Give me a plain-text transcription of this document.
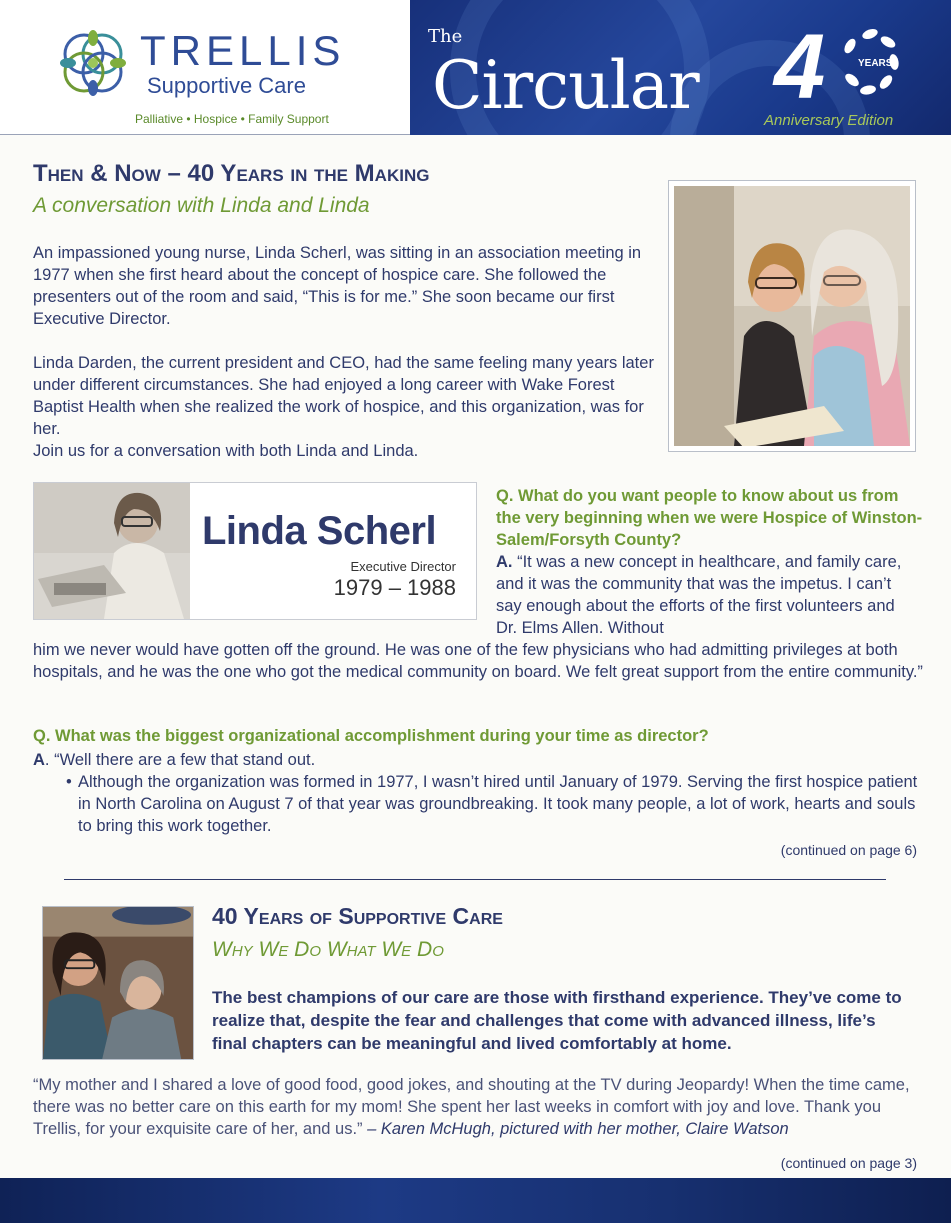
TRELLIS
Supportive Care
Palliative • Hospice • Family Support
The
Circular 4	YEARS
Anniversary Edition
Then & Now – 40 Years in the Making
A conversation with Linda and Linda

An impassioned young nurse, Linda Scherl, was sitting in an association meeting in 1977 when she first heard about the concept of hospice care. She followed the presenters out of the room and said, “This is for me.” She soon became our first Executive Director.

Linda Darden, the current president and CEO, had the same feeling many years later under different circumstances. She had enjoyed a long career with Wake Forest Baptist Health when she realized the work of hospice, and this organization, was for her.

Join us for a conversation with both Linda and Linda.

Linda Scherl
Executive Director
1979 – 1988

Q. What do you want people to know about us from the very beginning when we were Hospice of Winston-Salem/Forsyth County?

A. “It was a new concept in healthcare, and family care, and it was the community that was the impetus. I can’t say enough about the efforts of the first volunteers and Dr. Elms Allen. Without

him we never would have gotten off the ground. He was one of the few physicians who had admitting privileges at both hospitals, and he was the one who got the medical community on board. We felt great support from the entire community.”

Q. What was the biggest organizational accomplishment during your time as director?

A. “Well there are a few that stand out.

• Although the organization was formed in 1977, I wasn’t hired until January of 1979. Serving the first hospice patient in North Carolina on August 7 of that year was groundbreaking. It took many people, a lot of work, hearts and souls to bring this work together.

(continued on page 6)
40 Years of Supportive Care
Why We Do What We Do

The best champions of our care are those with firsthand experience. They’ve come to realize that, despite the fear and challenges that come with advanced illness, life’s final chapters can be meaningful and lived comfortably at home.

“My mother and I shared a love of good food, good jokes, and shouting at the TV during Jeopardy! When the time came, there was no better care on this earth for my mom! She spent her last weeks in comfort with joy and love. Thank you Trellis, for your exquisite care of her, and us.” – Karen McHugh, pictured with her mother, Claire Watson

(continued on page 3)
